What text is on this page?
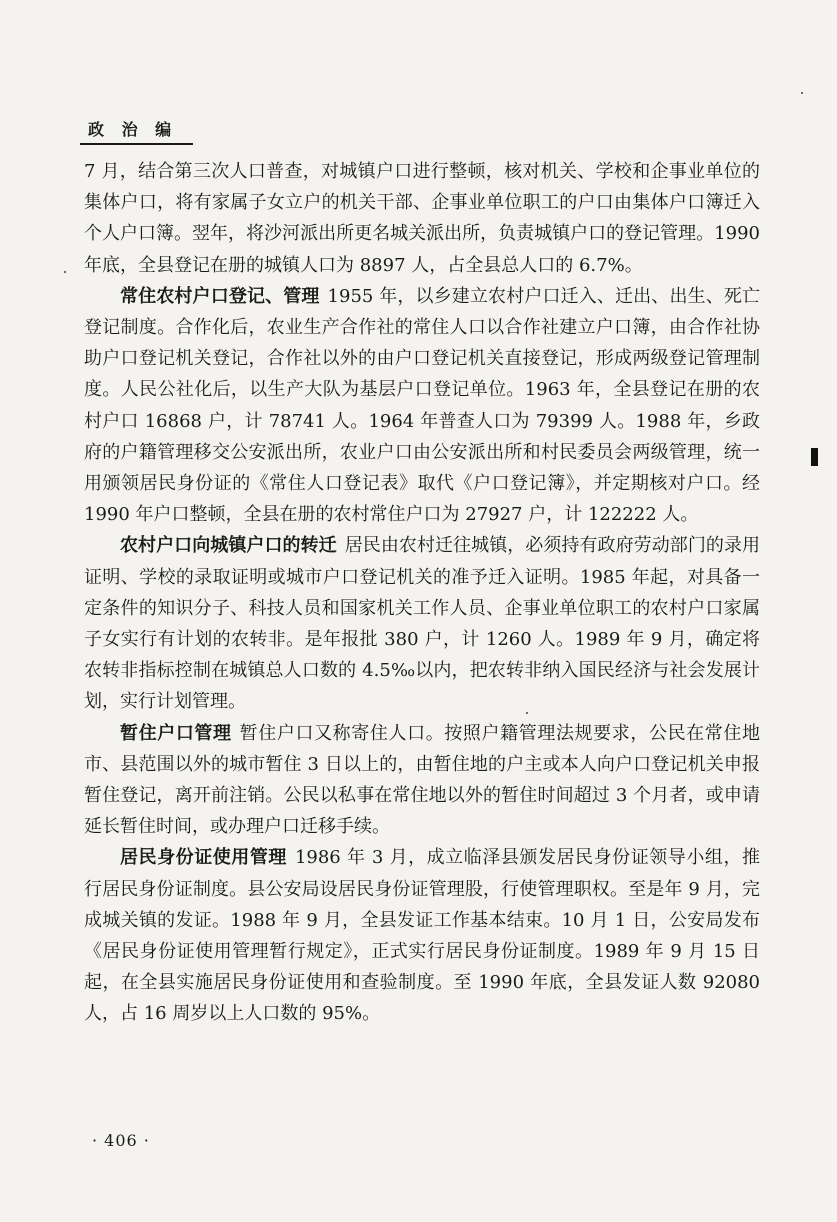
政 治 编

7 月，结合第三次人口普查，对城镇户口进行整顿，核对机关、学校和企事业单位的集体户口，将有家属子女立户的机关干部、企事业单位职工的户口由集体户口簿迁入个人户口簿。翌年，将沙河派出所更名城关派出所，负责城镇户口的登记管理。1990 年底，全县登记在册的城镇人口为 8897 人，占全县总人口的 6.7%。

常住农村户口登记、管理 1955 年，以乡建立农村户口迁入、迁出、出生、死亡登记制度。合作化后，农业生产合作社的常住人口以合作社建立户口簿，由合作社协助户口登记机关登记，合作社以外的由户口登记机关直接登记，形成两级登记管理制度。人民公社化后，以生产大队为基层户口登记单位。1963 年，全县登记在册的农村户口 16868 户，计 78741 人。1964 年普查人口为 79399 人。1988 年，乡政府的户籍管理移交公安派出所，农业户口由公安派出所和村民委员会两级管理，统一用颁领居民身份证的《常住人口登记表》取代《户口登记簿》，并定期核对户口。经 1990 年户口整顿，全县在册的农村常住户口为 27927 户，计 122222 人。

农村户口向城镇户口的转迁 居民由农村迁往城镇，必须持有政府劳动部门的录用证明、学校的录取证明或城市户口登记机关的准予迁入证明。1985 年起，对具备一定条件的知识分子、科技人员和国家机关工作人员、企事业单位职工的农村户口家属子女实行有计划的农转非。是年报批 380 户，计 1260 人。1989 年 9 月，确定将农转非指标控制在城镇总人口数的 4.5‰以内，把农转非纳入国民经济与社会发展计划，实行计划管理。

暂住户口管理 暂住户口又称寄住人口。按照户籍管理法规要求，公民在常住地市、县范围以外的城市暂住 3 日以上的，由暂住地的户主或本人向户口登记机关申报暂住登记，离开前注销。公民以私事在常住地以外的暂住时间超过 3 个月者，或申请延长暂住时间，或办理户口迁移手续。

居民身份证使用管理 1986 年 3 月，成立临泽县颁发居民身份证领导小组，推行居民身份证制度。县公安局设居民身份证管理股，行使管理职权。至是年 9 月，完成城关镇的发证。1988 年 9 月，全县发证工作基本结束。10 月 1 日，公安局发布《居民身份证使用管理暂行规定》，正式实行居民身份证制度。1989 年 9 月 15 日起，在全县实施居民身份证使用和查验制度。至 1990 年底，全县发证人数 92080 人，占 16 周岁以上人口数的 95%。

· 406 ·
